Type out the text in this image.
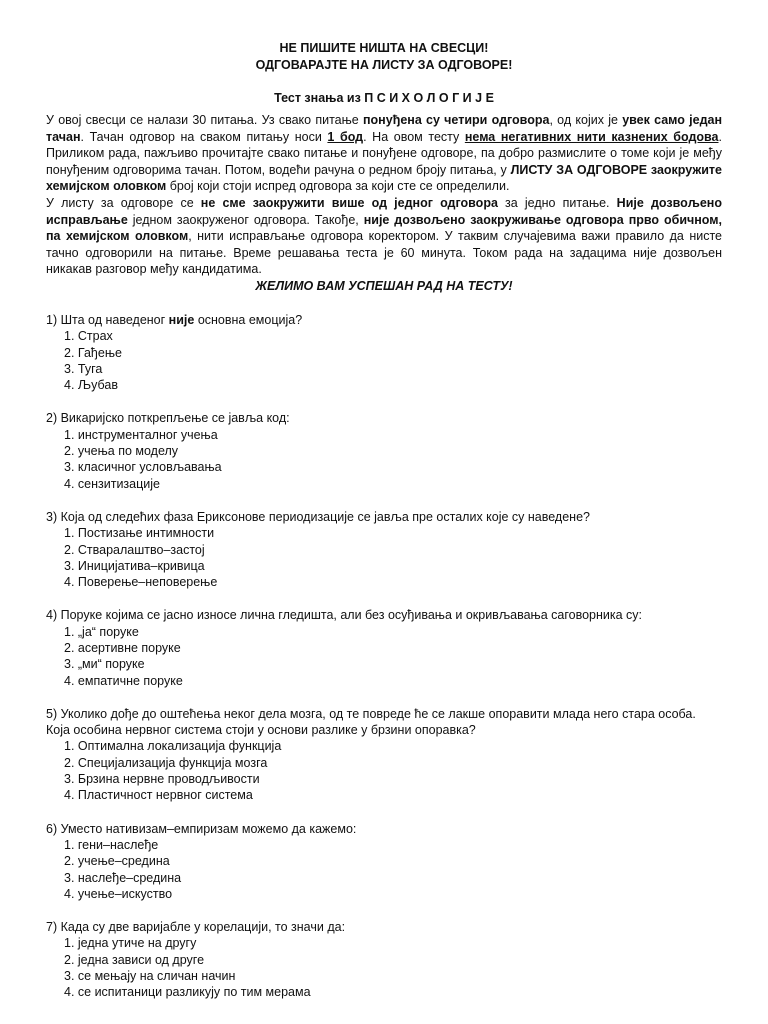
НЕ ПИШИТЕ НИШТА НА СВЕСЦИ!
ОДГОВАРАЈТЕ НА ЛИСТУ ЗА ОДГОВОРЕ!
Тест знања из П С И Х О Л О Г И Ј Е
У овој свесци се налази 30 питања. Уз свако питање понуђена су четири одговора, од којих је увек само један тачан. Тачан одговор на сваком питању носи 1 бод. На овом тесту нема негативних нити казнених бодова. Приликом рада, пажљиво прочитајте свако питање и понуђене одговоре, па добро размислите о томе који је међу понуђеним одговорима тачан. Потом, водећи рачуна о редном броју питања, у ЛИСТУ ЗА ОДГОВОРЕ заокружите хемијском оловком број који стоји испред одговора за који сте се определили.
У листу за одговоре се не сме заокружити више од једног одговора за једно питање. Није дозвољено исправљање једном заокруженог одговора. Такође, није дозвољено заокруживање одговора прво обичном, па хемијском оловком, нити исправљање одговора коректором. У таквим случајевима важи правило да нисте тачно одговорили на питање. Време решавања теста је 60 минута. Током рада на задацима није дозвољен никакав разговор међу кандидатима.
ЖЕЛИМО ВАМ УСПЕШАН РАД НА ТЕСТУ!

1) Шта од наведеног није основна емоција?

1. Страх
2. Гађење
3. Туга
4. Љубав

2) Викаријско поткрепљење се јавља код:

1. инструменталног учења
2. учења по моделу
3. класичног условљавања
4. сензитизације

3) Која од следећих фаза Ериксонове периодизације се јавља пре осталих које су наведене?

1. Постизање интимности
2. Стваралаштво–застој
3. Иницијатива–кривица
4. Поверење–неповерење

4) Поруке којима се јасно износе лична гледишта, али без осуђивања и окривљавања саговорника су:

1. „ја“ поруке
2. асертивне поруке
3. „ми“ поруке
4. емпатичне поруке

5) Уколико дође до оштећења неког дела мозга, од те повреде ће се лакше опоравити млада него стара особа. Која особина нервног система стоји у основи разлике у брзини опоравка?

1. Оптимална локализација функција
2. Специјализација функција мозга
3. Брзина нервне проводљивости
4. Пластичност нервног система

6) Уместо нативизам–емпиризам можемо да кажемо:

1. гени–наслеђе
2. учење–средина
3. наслеђе–средина
4. учење–искуство

7) Када су две варијабле у корелацији, то значи да:

1. једна утиче на другу
2. једна зависи од друге
3. се мењају на сличан начин
4. се испитаници разликују по тим мерама
